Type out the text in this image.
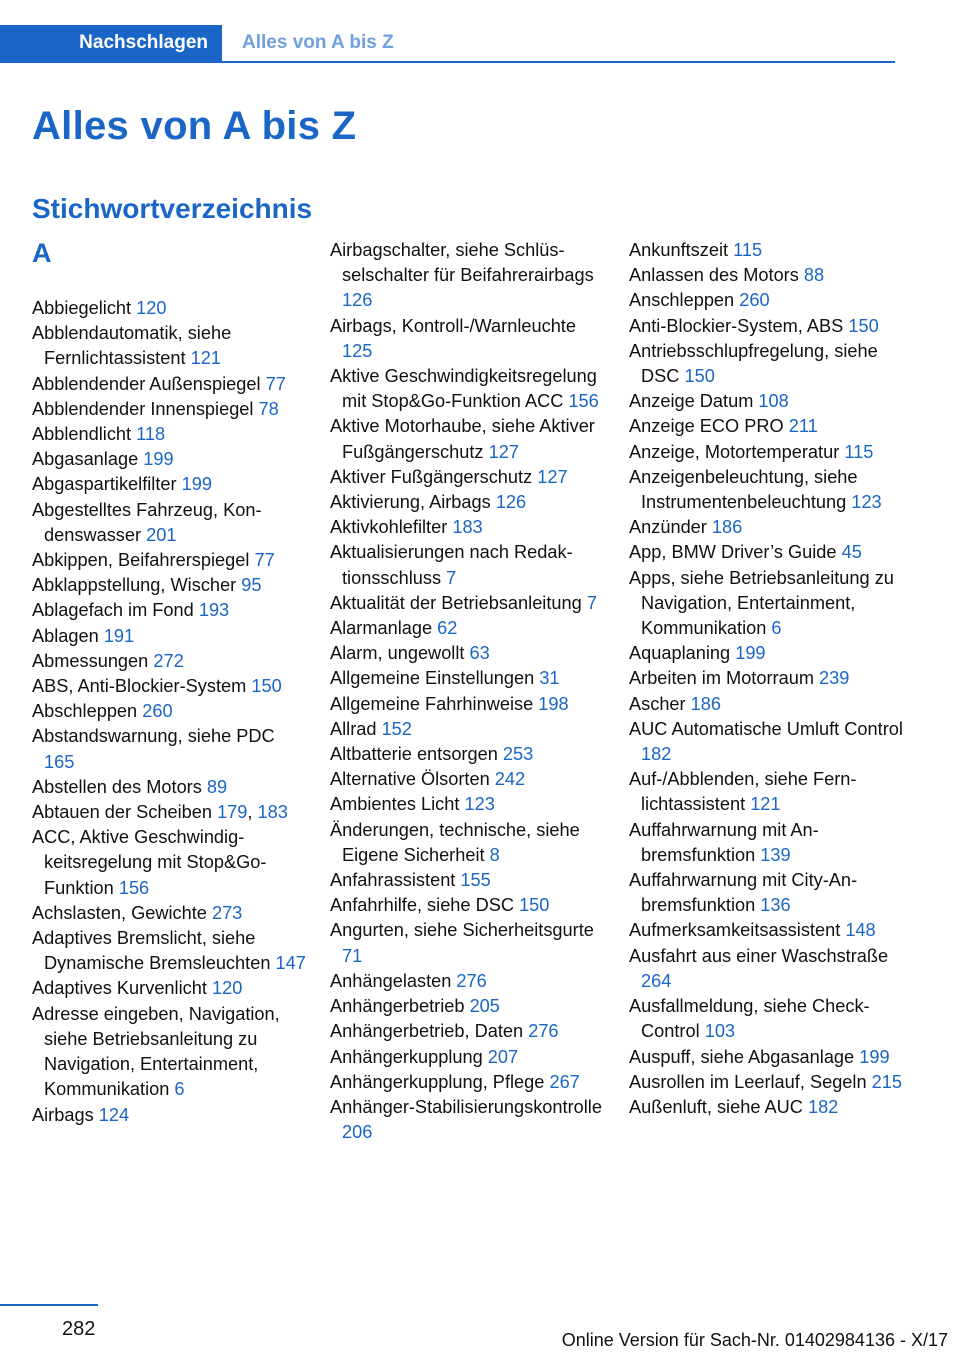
Nachschlagen Alles von A bis Z
Alles von A bis Z
Stichwortverzeichnis
A
Abbiegelicht 120
Abblendautomatik, siehe Fernlichtassistent 121
Abblendender Außenspiegel 77
Abblendender Innenspiegel 78
Abblendlicht 118
Abgasanlage 199
Abgaspartikelfilter 199
Abgestelltes Fahrzeug, Kondenswasser 201
Abkippen, Beifahrerspiegel 77
Abklappstellung, Wischer 95
Ablagefach im Fond 193
Ablagen 191
Abmessungen 272
ABS, Anti-Blockier-System 150
Abschleppen 260
Abstandswarnung, siehe PDC 165
Abstellen des Motors 89
Abtauen der Scheiben 179, 183
ACC, Aktive Geschwindigkeitsregelung mit Stop&Go-Funktion 156
Achslasten, Gewichte 273
Adaptives Bremslicht, siehe Dynamische Bremsleuchten 147
Adaptives Kurvenlicht 120
Adresse eingeben, Navigation, siehe Betriebsanleitung zu Navigation, Entertainment, Kommunikation 6
Airbags 124
Airbagschalter, siehe Schlüsselschalter für Beifahrerairbags 126
Airbags, Kontroll-/Warnleuchte 125
Aktive Geschwindigkeitsregelung mit Stop&Go-Funktion ACC 156
Aktive Motorhaube, siehe Aktiver Fußgängerschutz 127
Aktiver Fußgängerschutz 127
Aktivierung, Airbags 126
Aktivkohlefilter 183
Aktualisierungen nach Redaktionsschluss 7
Aktualität der Betriebsanleitung 7
Alarmanlage 62
Alarm, ungewollt 63
Allgemeine Einstellungen 31
Allgemeine Fahrhinweise 198
Allrad 152
Altbatterie entsorgen 253
Alternative Ölsorten 242
Ambientes Licht 123
Änderungen, technische, siehe Eigene Sicherheit 8
Anfahrassistent 155
Anfahrhilfe, siehe DSC 150
Angurten, siehe Sicherheitsgurte 71
Anhängelasten 276
Anhängerbetrieb 205
Anhängerbetrieb, Daten 276
Anhängerkupplung 207
Anhängerkupplung, Pflege 267
Anhänger-Stabilisierungskontrolle 206
Ankunftszeit 115
Anlassen des Motors 88
Anschleppen 260
Anti-Blockier-System, ABS 150
Antriebsschlupfregelung, siehe DSC 150
Anzeige Datum 108
Anzeige ECO PRO 211
Anzeige, Motortemperatur 115
Anzeigenbeleuchtung, siehe Instrumentenbeleuchtung 123
Anzünder 186
App, BMW Driver’s Guide 45
Apps, siehe Betriebsanleitung zu Navigation, Entertainment, Kommunikation 6
Aquaplaning 199
Arbeiten im Motorraum 239
Ascher 186
AUC Automatische Umluft Control 182
Auf-/Abblenden, siehe Fernlichtassistent 121
Auffahrwarnung mit Anbremsfunktion 139
Auffahrwarnung mit City-Anbremsfunktion 136
Aufmerksamkeitsassistent 148
Ausfahrt aus einer Waschstraße 264
Ausfallmeldung, siehe Check-Control 103
Auspuff, siehe Abgasanlage 199
Ausrollen im Leerlauf, Segeln 215
Außenluft, siehe AUC 182
282	Online Version für Sach-Nr. 01402984136 - X/17
